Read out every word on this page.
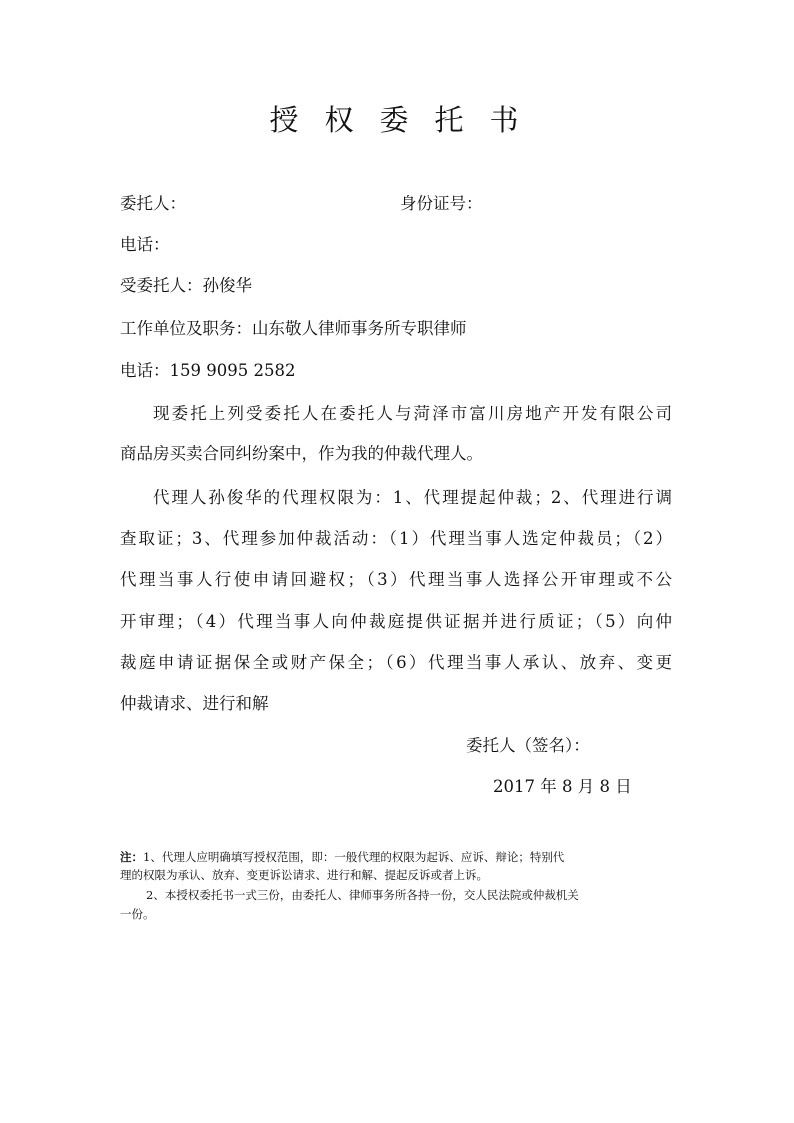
授权委托书
委托人：	身份证号：
电话：
受委托人：孙俊华
工作单位及职务：山东敬人律师事务所专职律师
电话：159 9095 2582
现委托上列受委托人在委托人与菏泽市富川房地产开发有限公司
商品房买卖合同纠纷案中，作为我的仲裁代理人。
代理人孙俊华的代理权限为：1、代理提起仲裁；2、代理进行调
查取证；3、代理参加仲裁活动：（1）代理当事人选定仲裁员；（2）
代理当事人行使申请回避权；（3）代理当事人选择公开审理或不公
开审理；（4）代理当事人向仲裁庭提供证据并进行质证；（5）向仲
裁庭申请证据保全或财产保全；（6）代理当事人承认、放弃、变更
仲裁请求、进行和解
委托人（签名）：
2017 年 8 月 8 日
注：1、代理人应明确填写授权范围，即：一般代理的权限为起诉、应诉、辩论；特别代
理的权限为承认、放弃、变更诉讼请求、进行和解、提起反诉或者上诉。
2、本授权委托书一式三份，由委托人、律师事务所各持一份，交人民法院或仲裁机关
一份。
